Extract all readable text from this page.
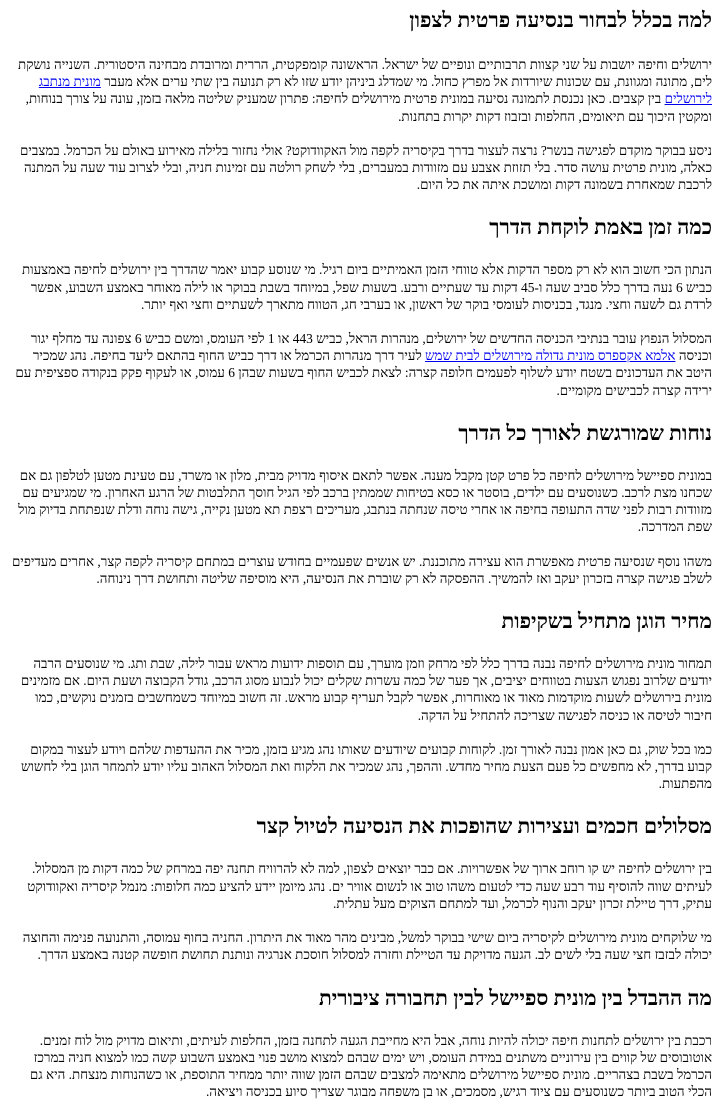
למה בכלל לבחור בנסיעה פרטית לצפון

ירושלים וחיפה יושבות על שני קצוות תרבותיים ונופיים של ישראל. הראשונה קומפקטית, הררית ומרובדת מבחינה היסטורית. השנייה נושקת לים, מתונה ומגוונת, עם שכונות שיורדות אל מפרץ כחול. מי שמדלג ביניהן יודע שזו לא רק תנועה בין שתי ערים אלא מעבר מונית מנתבג לירושלים בין קצבים. כאן נכנסת לתמונה נסיעה במונית פרטית מירושלים לחיפה: פתרון שמעניק שליטה מלאה בזמן, עונה על צורך בנוחות, ומקטין היכוך עם תיאומים, החלפות ובזבוז דקות יקרות בתחנות.

ניסע בבוקר מוקדם לפגישה בנשר? נרצה לעצור בדרך בקיסריה לקפה מול האקוודוקט? אולי נחזור בלילה מאירוע באולם על הכרמל. במצבים כאלה, מונית פרטית עושה סדר. בלי תזוזת אצבע עם מזוודות במעברים, בלי לשחק רולטה עם זמינות חניה, ובלי לצרוב עוד שעה על המתנה לרכבת שמאחרת בשמונה דקות ומושכת איתה את כל היום.

כמה זמן באמת לוקחת הדרך

הנתון הכי חשוב הוא לא רק מספר הדקות אלא טווחי הזמן האמיתיים ביום רגיל. מי שנוסע קבוע יאמר שהדרך בין ירושלים לחיפה באמצעות כביש 6 נעה בדרך כלל סביב שעה ו-45 דקות עד שעתיים ורבע. בשעות שפל, במיוחד בשבת בבוקר או לילה מאוחר באמצע השבוע, אפשר לרדת גם לשעה וחצי. מנגד, בכניסות לעומסי בוקר של ראשון, או בערבי חג, הטווח מתארך לשעתיים וחצי ואף יותר.

המסלול הנפוץ עובר בנתיבי הכניסה החדשים של ירושלים, מנהרות הראל, כביש 443 או 1 לפי העומס, ומשם כביש 6 צפונה עד מחלף יגור וכניסה אלמא אקספרס מונית גדולה מירושלים לבית שמש לעיר דרך מנהרות הכרמל או דרך כביש החוף בהתאם ליעד בחיפה. נהג שמכיר היטב את העדכונים בשטח יודע לשלוף לפעמים חלופה קצרה: לצאת לכביש החוף בשעות שבהן 6 עמוס, או לעקוף פקק בנקודה ספציפית עם ירידה קצרה לכבישים מקומיים.

נוחות שמורגשת לאורך כל הדרך

במונית ספיישל מירושלים לחיפה כל פרט קטן מקבל מענה. אפשר לתאם איסוף מדויק מבית, מלון או משרד, עם טעינת מטען לטלפון גם אם שכחנו מצת לרכב. כשנוסעים עם ילדים, בוסטר או כסא בטיחות שממתין ברכב לפי הגיל חוסך התלבטות של הרגע האחרון. מי שמגיעים עם מזוודות רבות לפני שדה התעופה בחיפה או אחרי טיסה שנחתה בנתבג, מעריכים רצפת תא מטען נקייה, גישה נוחה ודלת שנפתחת בדיוק מול שפת המדרכה.

משהו נוסף שנסיעה פרטית מאפשרת הוא עצירה מתוכננת. יש אנשים שפעמיים בחודש עוצרים במתחם קיסריה לקפה קצר, אחרים מעדיפים לשלב פגישה קצרה בזכרון יעקב ואז להמשיך. ההפסקה לא רק שוברת את הנסיעה, היא מוסיפה שליטה ותחושת דרך נינוחה.

מחיר הוגן מתחיל בשקיפות

תמחור מונית מירושלים לחיפה נבנה בדרך כלל לפי מרחק וזמן מוערך, עם תוספות ידועות מראש עבור לילה, שבת ותג. מי שנוסעים הרבה יודעים שלרוב נפגוש הצעות בטווחים יציבים, אך פער של כמה עשרות שקלים יכול לנבוע מסוג הרכב, גודל הקבוצה ושעת היום. אם מזמינים מונית בירושלים לשעות מוקדמות מאוד או מאוחרות, אפשר לקבל תעריף קבוע מראש. זה חשוב במיוחד כשמחשבים בזמנים נוקשים, כמו חיבור לטיסה או כניסה לפגישה שצריכה להתחיל על הדקה.

כמו בכל שוק, גם כאן אמון נבנה לאורך זמן. לקוחות קבועים שיודעים שאותו נהג מגיע בזמן, מכיר את ההעדפות שלהם ויודע לעצור במקום קבוע בדרך, לא מחפשים כל פעם הצעת מחיר מחדש. וההפך, נהג שמכיר את הלקוח ואת המסלול האהוב עליו יודע לתמחר הוגן בלי לחשוש מהפתעות.

מסלולים חכמים ועצירות שהופכות את הנסיעה לטיול קצר

בין ירושלים לחיפה יש קו רוחב ארוך של אפשרויות. אם כבר יוצאים לצפון, למה לא להרוויח תחנה יפה במרחק של כמה דקות מן המסלול. לעיתים שווה להוסיף עוד רבע שעה כדי לטעום משהו טוב או לנשום אוויר ים. נהג מיומן יידע להציע כמה חלופות: מנמל קיסריה ואקוודוקט עתיק, דרך טיילת זכרון יעקב והנוף לכרמל, ועד למתחם הצוקים מעל עתלית.

מי שלוקחים מונית מירושלים לקיסריה ביום שישי בבוקר למשל, מבינים מהר מאוד את היתרון. החניה בחוף עמוסה, והתנועה פנימה והחוצה יכולה לבזבז חצי שעה בלי לשים לב. הגעה מדויקת עד הטיילת וחזרה למסלול חוסכת אנרגיה ונותנת תחושת חופשה קטנה באמצע הדרך.

מה ההבדל בין מונית ספיישל לבין תחבורה ציבורית

רכבת בין ירושלים לתחנות חיפה יכולה להיות נוחה, אבל היא מחייבת הגעה לתחנה בזמן, החלפות לעיתים, ותיאום מדויק מול לוח זמנים. אוטובוסים של קווים בין עירוניים משתנים במידת העומס, ויש ימים שבהם למצוא מושב פנוי באמצע השבוע קשה כמו למצוא חניה במרכז הכרמל בשבת בצהריים. מונית ספיישל מירושלים מתאימה למצבים שבהם הזמן שווה יותר ממחיר התוספת, או כשהנוחות מנצחת. היא גם הכלי הטוב ביותר כשנוסעים עם ציוד רגיש, מסמכים, או בן משפחה מבוגר שצריך סיוע בכניסה ויציאה.
